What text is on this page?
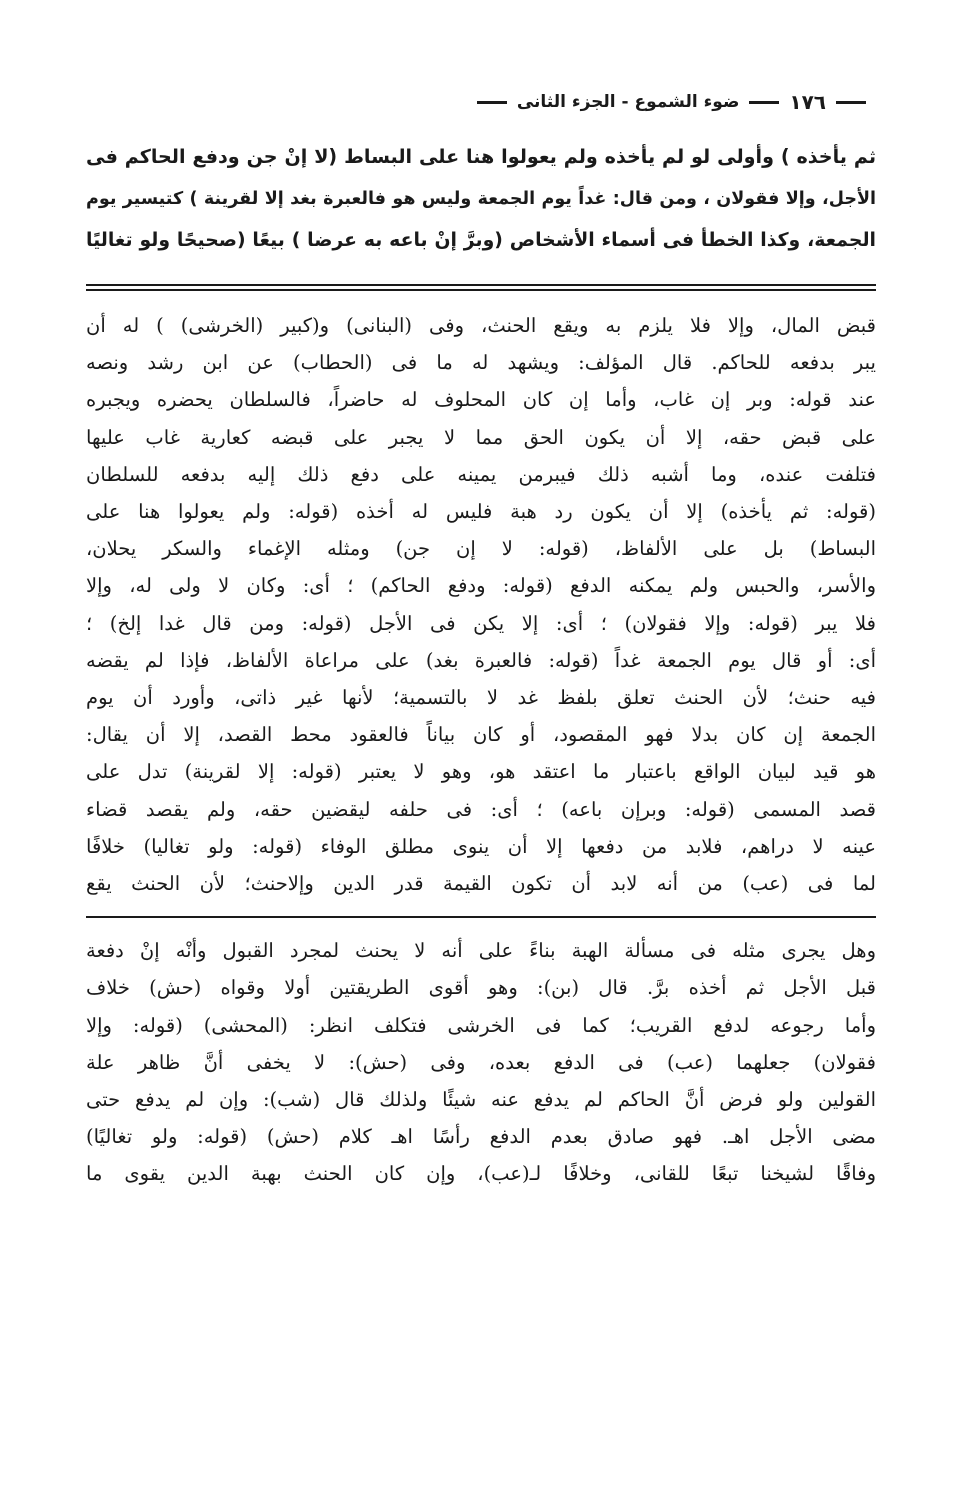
١٧٦
ضوء الشموع - الجزء الثانى

ثم يأخذه ) وأولى لو لم يأخذه ولم يعولوا هنا على البساط (لا إنْ جن ودفع الحاكم فى

الأجل، وإلا فقولان ، ومن قال: غداً يوم الجمعة وليس هو فالعبرة بغد إلا لقرينة ) كتيسير يوم

الجمعة، وكذا الخطأ فى أسماء الأشخاص (وبرَّ إنْ باعه به عرضا ) بيعًا (صحيحًا ولو تغاليًا

قبض المال، وإلا فلا يلزم به ويقع الحنث، وفى (البنانى) و(كبير (الخرشى) ) له أن

يبر بدفعه للحاكم. قال المؤلف: ويشهد له ما فى (الحطاب) عن ابن رشد ونصه

عند قوله: وبر إن غاب، وأما إن كان المحلوف له حاضراً، فالسلطان يحضره ويجبره

على قبض حقه، إلا أن يكون الحق مما لا يجبر على قبضه كعارية غاب عليها

فتلفت عنده، وما أشبه ذلك فيبرمن يمينه على دفع ذلك إليه بدفعه للسلطان

(قوله: ثم يأخذه) إلا أن يكون رد هبة فليس له أخذه (قوله: ولم يعولوا هنا على

البساط) بل على الألفاظ، (قوله: لا إن جن) ومثله الإغماء والسكر يحلان،

والأسر، والحبس ولم يمكنه الدفع (قوله: ودفع الحاكم) ؛ أى: وكان لا ولى له، وإلا

فلا يبر (قوله: وإلا فقولان) ؛ أى: إلا يكن فى الأجل (قوله: ومن قال غدا إلخ) ؛

أى: أو قال يوم الجمعة غداً (قوله: فالعبرة بغد) على مراعاة الألفاظ، فإذا لم يقضه

فيه حنث؛ لأن الحنث تعلق بلفظ غد لا بالتسمية؛ لأنها غير ذاتى، وأورد أن يوم

الجمعة إن كان بدلا فهو المقصود، أو كان بياناً فالعقود محط القصد، إلا أن يقال:

هو قيد لبيان الواقع باعتبار ما اعتقد هو، وهو لا يعتبر (قوله: إلا لقرينة) تدل على

قصد المسمى (قوله: وبرإن باعه) ؛ أى: فى حلفه ليقضين حقه، ولم يقصد قضاء

عينه لا دراهم، فلابد من دفعها إلا أن ينوى مطلق الوفاء (قوله: ولو تغاليا) خلافًا

لما فى (عب) من أنه لابد أن تكون القيمة قدر الدين وإلاحنث؛ لأن الحنث يقع

وهل يجرى مثله فى مسألة الهبة بناءً على أنه لا يحنث لمجرد القبول وأنْه إنْ دفعة

قبل الأجل ثم أخذه برَّ. قال (بن): وهو أقوى الطريقتين أولا وقواه (حش) خلاف

وأما رجوعه لدفع القريب؛ كما فى الخرشى فتكلف انظر: (المحشى) (قوله: وإلا

فقولان) جعلهما (عب) فى الدفع بعده، وفى (حش): لا يخفى أنَّ ظاهر علة

القولين ولو فرض أنَّ الحاكم لم يدفع عنه شيئًا ولذلك قال (شب): وإن لم يدفع حتى

مضى الأجل اهـ. فهو صادق بعدم الدفع رأسًا اهـ كلام (حش) (قوله: ولو تغاليًا)

وفاقًا لشيخنا تبعًا للقانى، وخلافًا لـ(عب)، وإن كان الحنث بهبة الدين يقوى ما
